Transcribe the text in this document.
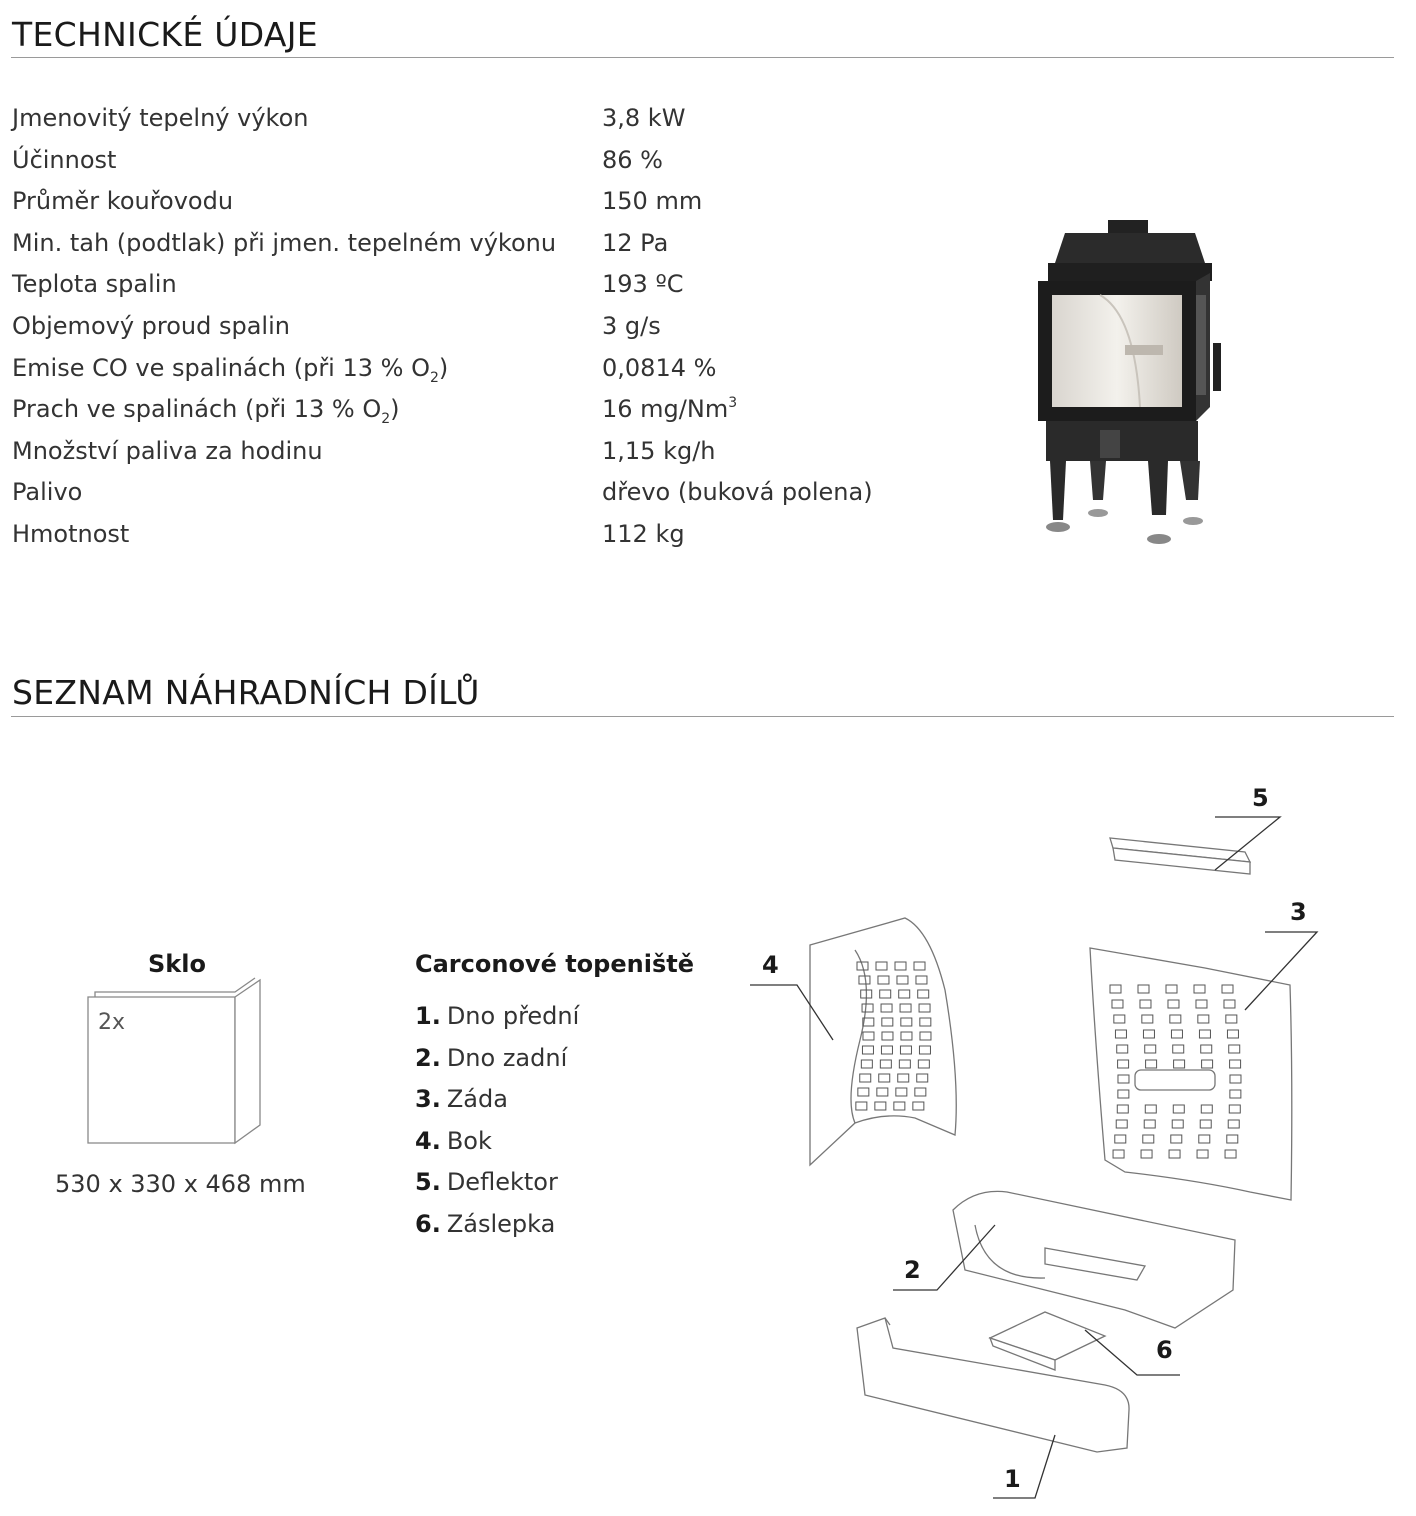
TECHNICKÉ ÚDAJE
Jmenovitý tepelný výkon	3,8 kW
Účinnost	86 %
Průměr kouřovodu	150 mm
Min. tah (podtlak) při jmen. tepelném výkonu 12 Pa
Teplota spalin	193 ºC
Objemový proud spalin	3 g/s
Emise CO ve spalinách (při 13 % $O_2$)	0,0814 %
Prach ve spalinách (při 13 % $O_2$)	16 mg/Nm$^3$
Množství paliva za hodinu	1,15 kg/h
Palivo	dřevo (buková polena)
Hmotnost	112 kg
SEZNAM NÁHRADNÍCH DÍLŮ
Sklo
2x
530 x 330 x 468 mm
Carconové topeniště
1. Dno přední
2. Dno zadní
3. Záda
4. Bok
5. Deflektor
6. Záslepka
5
3
4
2
6
1
